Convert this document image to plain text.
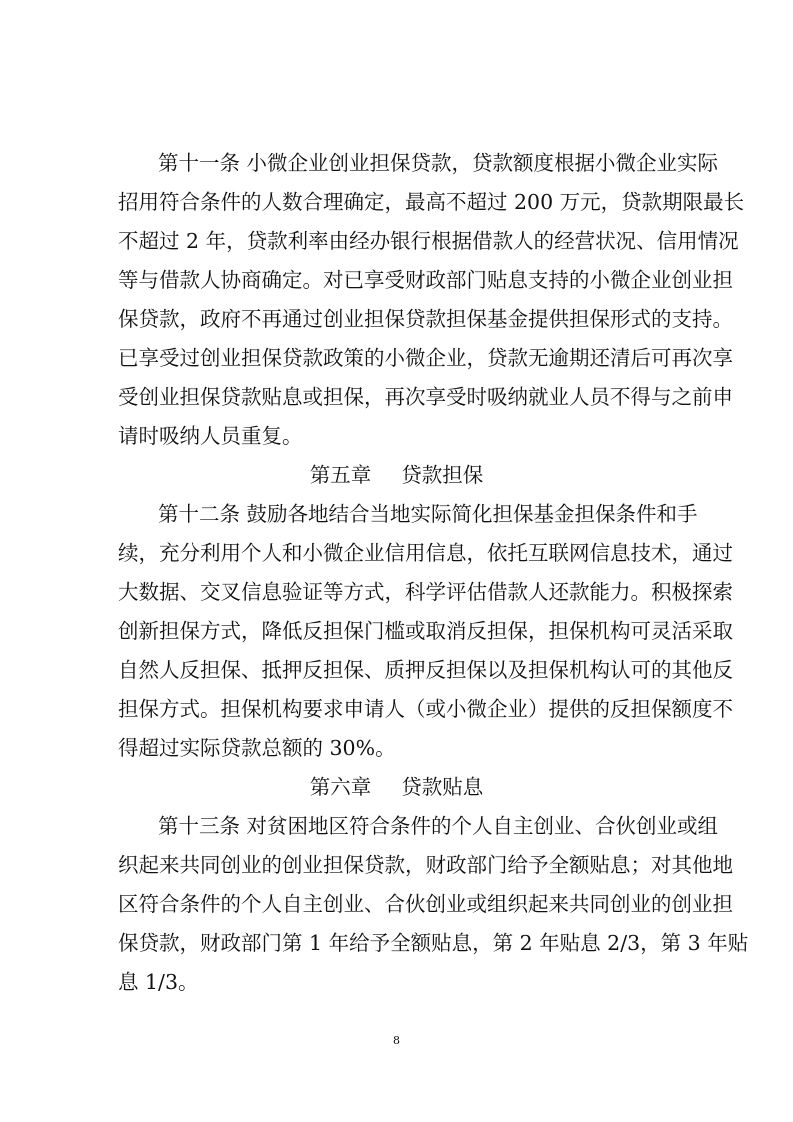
第十一条 小微企业创业担保贷款，贷款额度根据小微企业实际
招用符合条件的人数合理确定，最高不超过 200 万元，贷款期限最长
不超过 2 年，贷款利率由经办银行根据借款人的经营状况、信用情况
等与借款人协商确定。对已享受财政部门贴息支持的小微企业创业担
保贷款，政府不再通过创业担保贷款担保基金提供担保形式的支持。
已享受过创业担保贷款政策的小微企业，贷款无逾期还清后可再次享
受创业担保贷款贴息或担保，再次享受时吸纳就业人员不得与之前申
请时吸纳人员重复。
第五章 贷款担保
第十二条 鼓励各地结合当地实际简化担保基金担保条件和手
续，充分利用个人和小微企业信用信息，依托互联网信息技术，通过
大数据、交叉信息验证等方式，科学评估借款人还款能力。积极探索
创新担保方式，降低反担保门槛或取消反担保，担保机构可灵活采取
自然人反担保、抵押反担保、质押反担保以及担保机构认可的其他反
担保方式。担保机构要求申请人（或小微企业）提供的反担保额度不
得超过实际贷款总额的 30%。
第六章 贷款贴息
第十三条 对贫困地区符合条件的个人自主创业、合伙创业或组
织起来共同创业的创业担保贷款，财政部门给予全额贴息；对其他地
区符合条件的个人自主创业、合伙创业或组织起来共同创业的创业担
保贷款，财政部门第 1 年给予全额贴息，第 2 年贴息 2/3，第 3 年贴
息 1/3。
8
